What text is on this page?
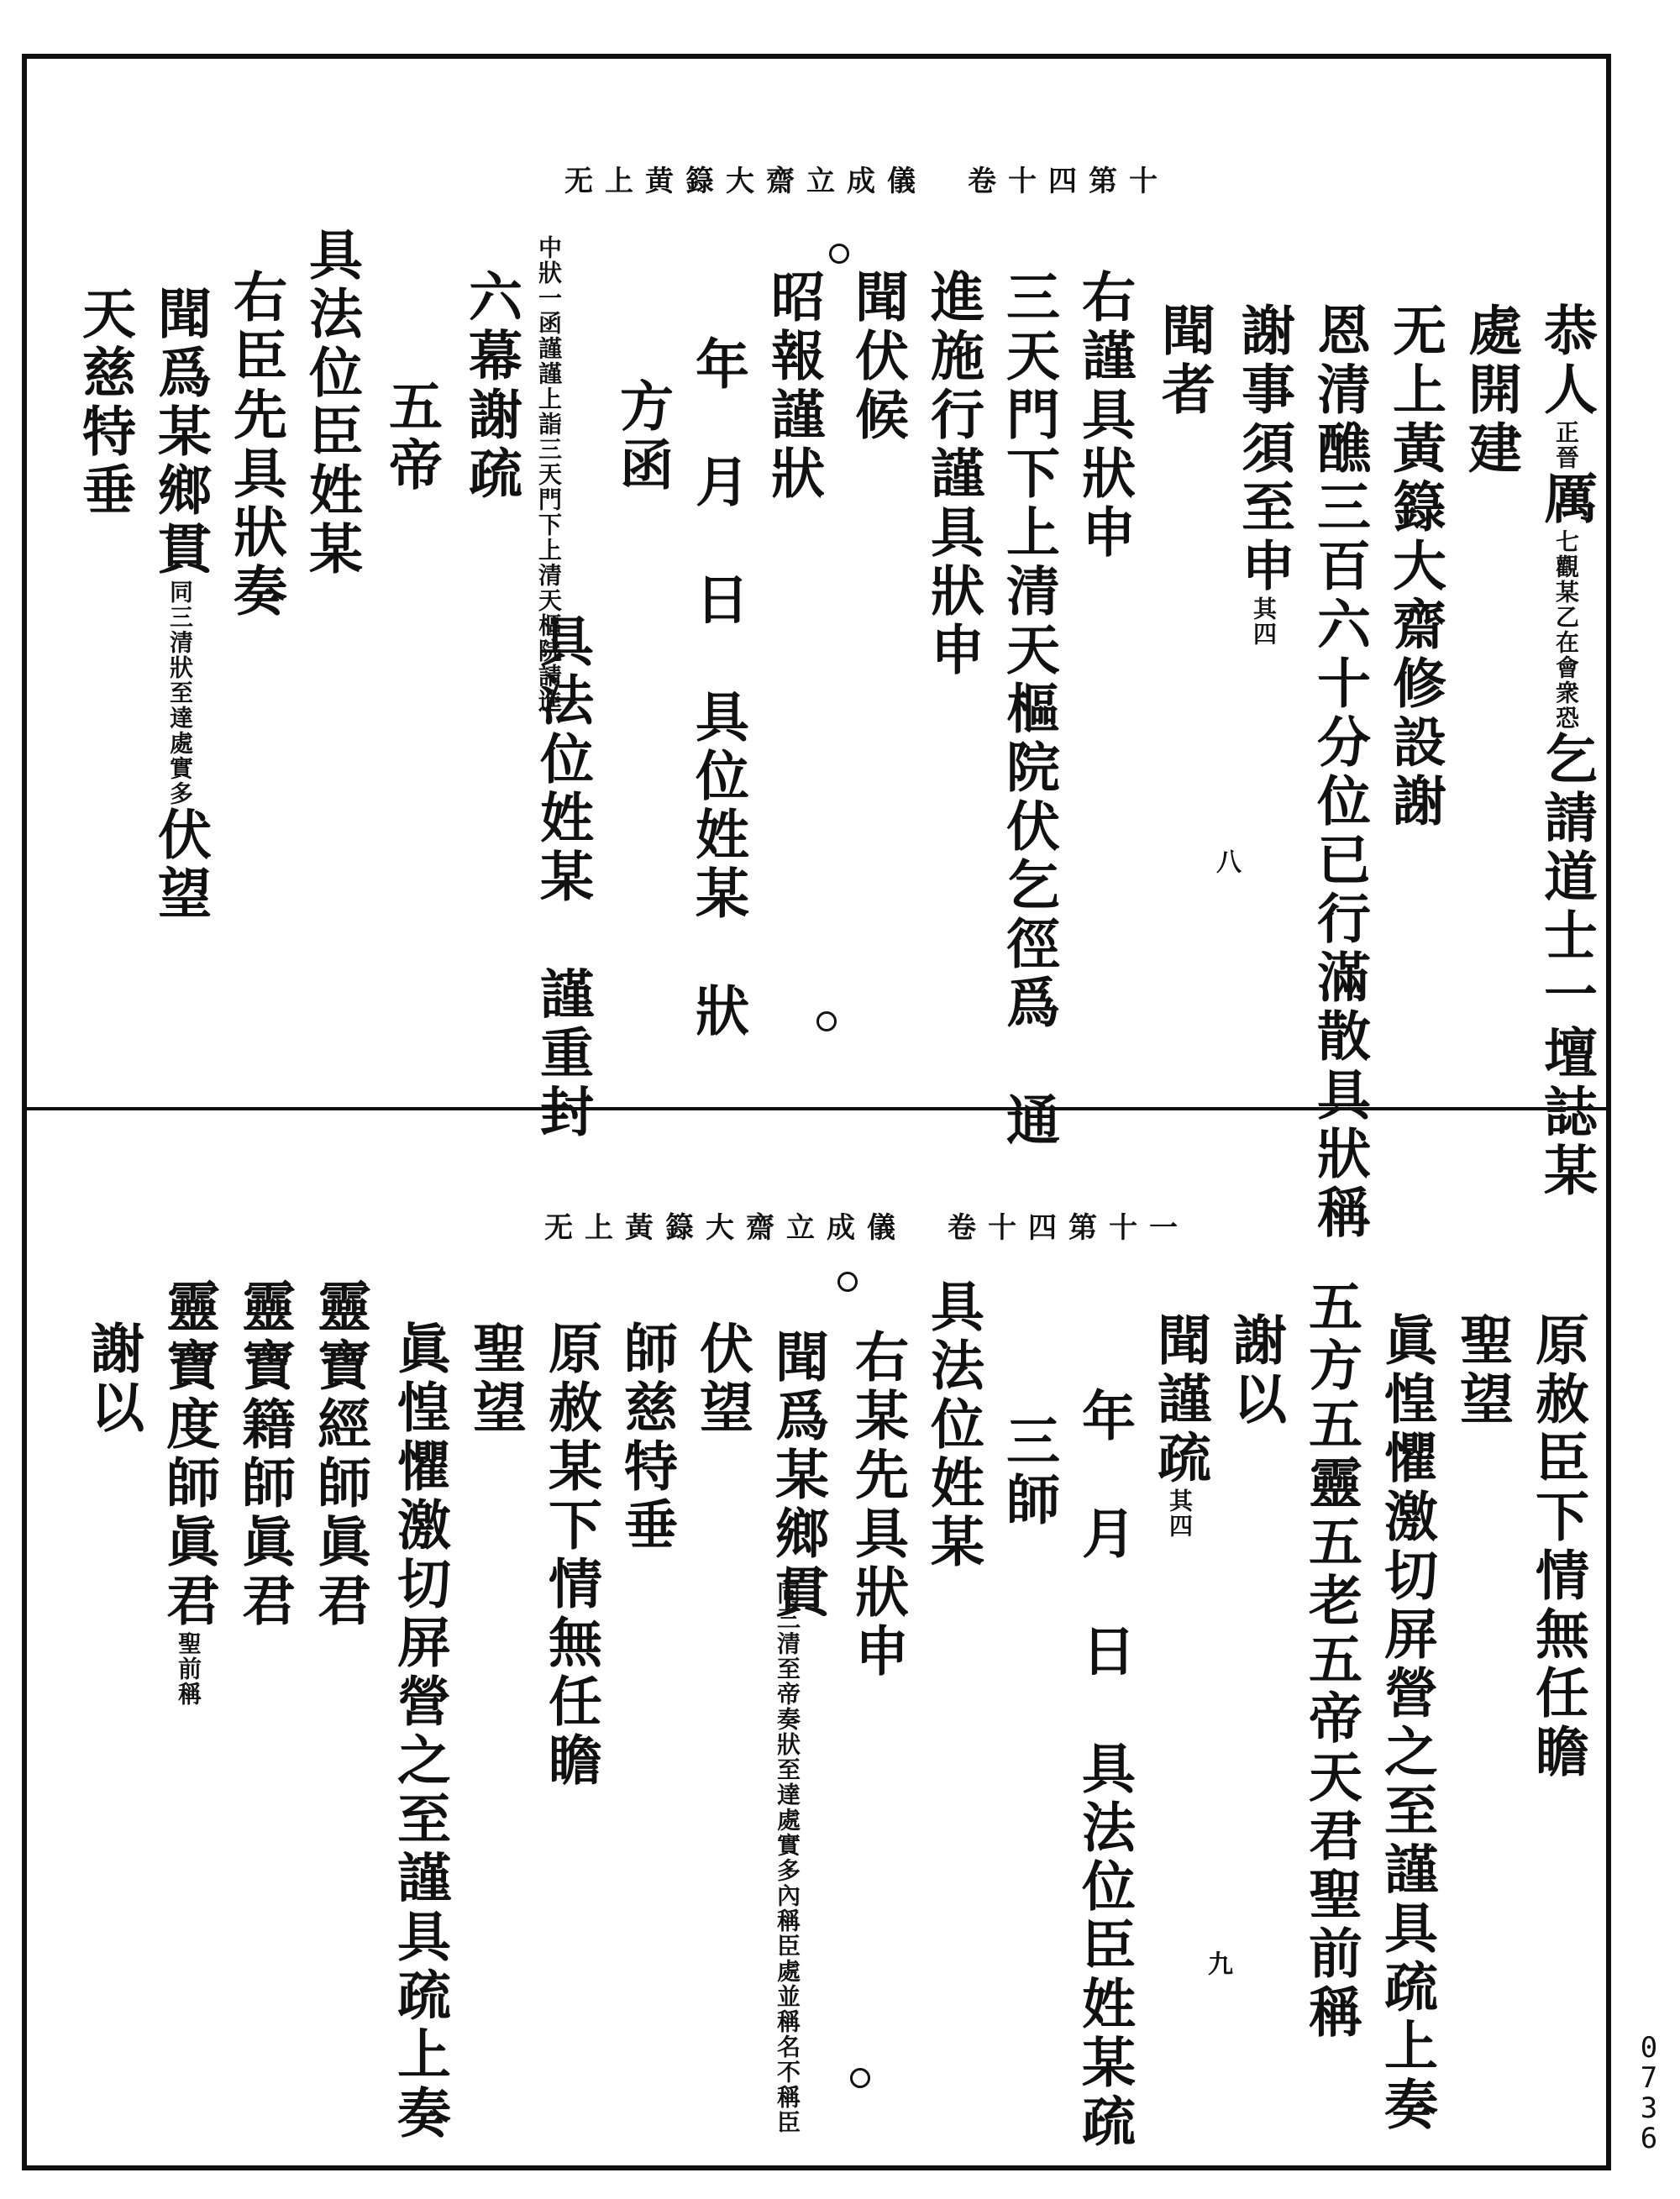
无上黄籙大齋立成儀　卷十四第十
恭人正晉厲七觀某乙在會衆恐乞請道士一壇誌某
處開建
无上黃籙大齋修設謝
恩清醮三百六十分位已行滿散具狀稱
謝事須至申其四
八
聞者
右謹具狀申
三天門下上清天樞院伏乞徑爲　通
進施行謹具狀申
聞伏候
昭報謹狀
年　月　日　具位姓某　狀
方函
中狀一函謹謹上詣三天門下上清天樞院請進
具法位姓某　謹重封
六幕謝疏
五帝
具法位臣姓某
右臣先具狀奏
聞爲某鄉貫同三清狀至達處實多伏望
天慈特垂
无上黃籙大齋立成儀　卷十四第十一
原赦臣下情無任瞻
聖望
眞惶懼激切屏營之至謹具疏上奏
五方五靈五老五帝天君聖前稱
謝以
九
聞謹疏其四
年　月　日　具法位臣姓某疏
三師
具法位姓某
右某先具狀申
聞爲某鄉貫
同三清至帝奏狀至達處實多內稱臣處並稱名不稱臣
伏望
師慈特垂
原赦某下情無任瞻
聖望
眞惶懼激切屏營之至謹具疏上奏
靈寶經師眞君
靈寶籍師眞君
靈寶度師眞君聖前稱
謝以
0
7
3
6
